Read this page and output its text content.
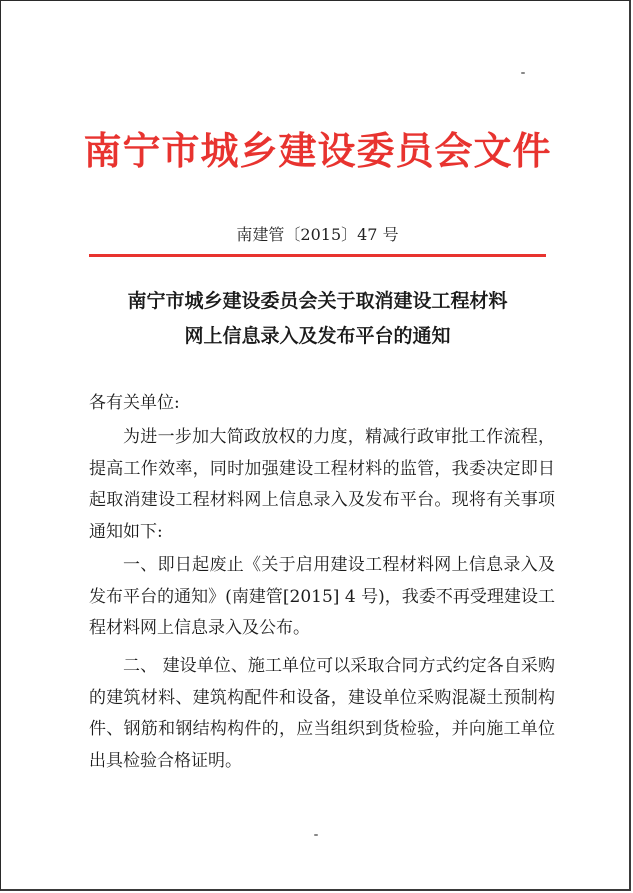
南宁市城乡建设委员会文件
南建管〔2015〕47 号
南宁市城乡建设委员会关于取消建设工程材料
网上信息录入及发布平台的通知
各有关单位:
为进一步加大简政放权的力度，精减行政审批工作流程，提高工作效率，同时加强建设工程材料的监管，我委决定即日起取消建设工程材料网上信息录入及发布平台。现将有关事项通知如下:
一、即日起废止《关于启用建设工程材料网上信息录入及发布平台的通知》(南建管[2015] 4 号)，我委不再受理建设工程材料网上信息录入及公布。
二、 建设单位、施工单位可以采取合同方式约定各自采购的建筑材料、建筑构配件和设备，建设单位采购混凝土预制构件、钢筋和钢结构构件的，应当组织到货检验，并向施工单位出具检验合格证明。
